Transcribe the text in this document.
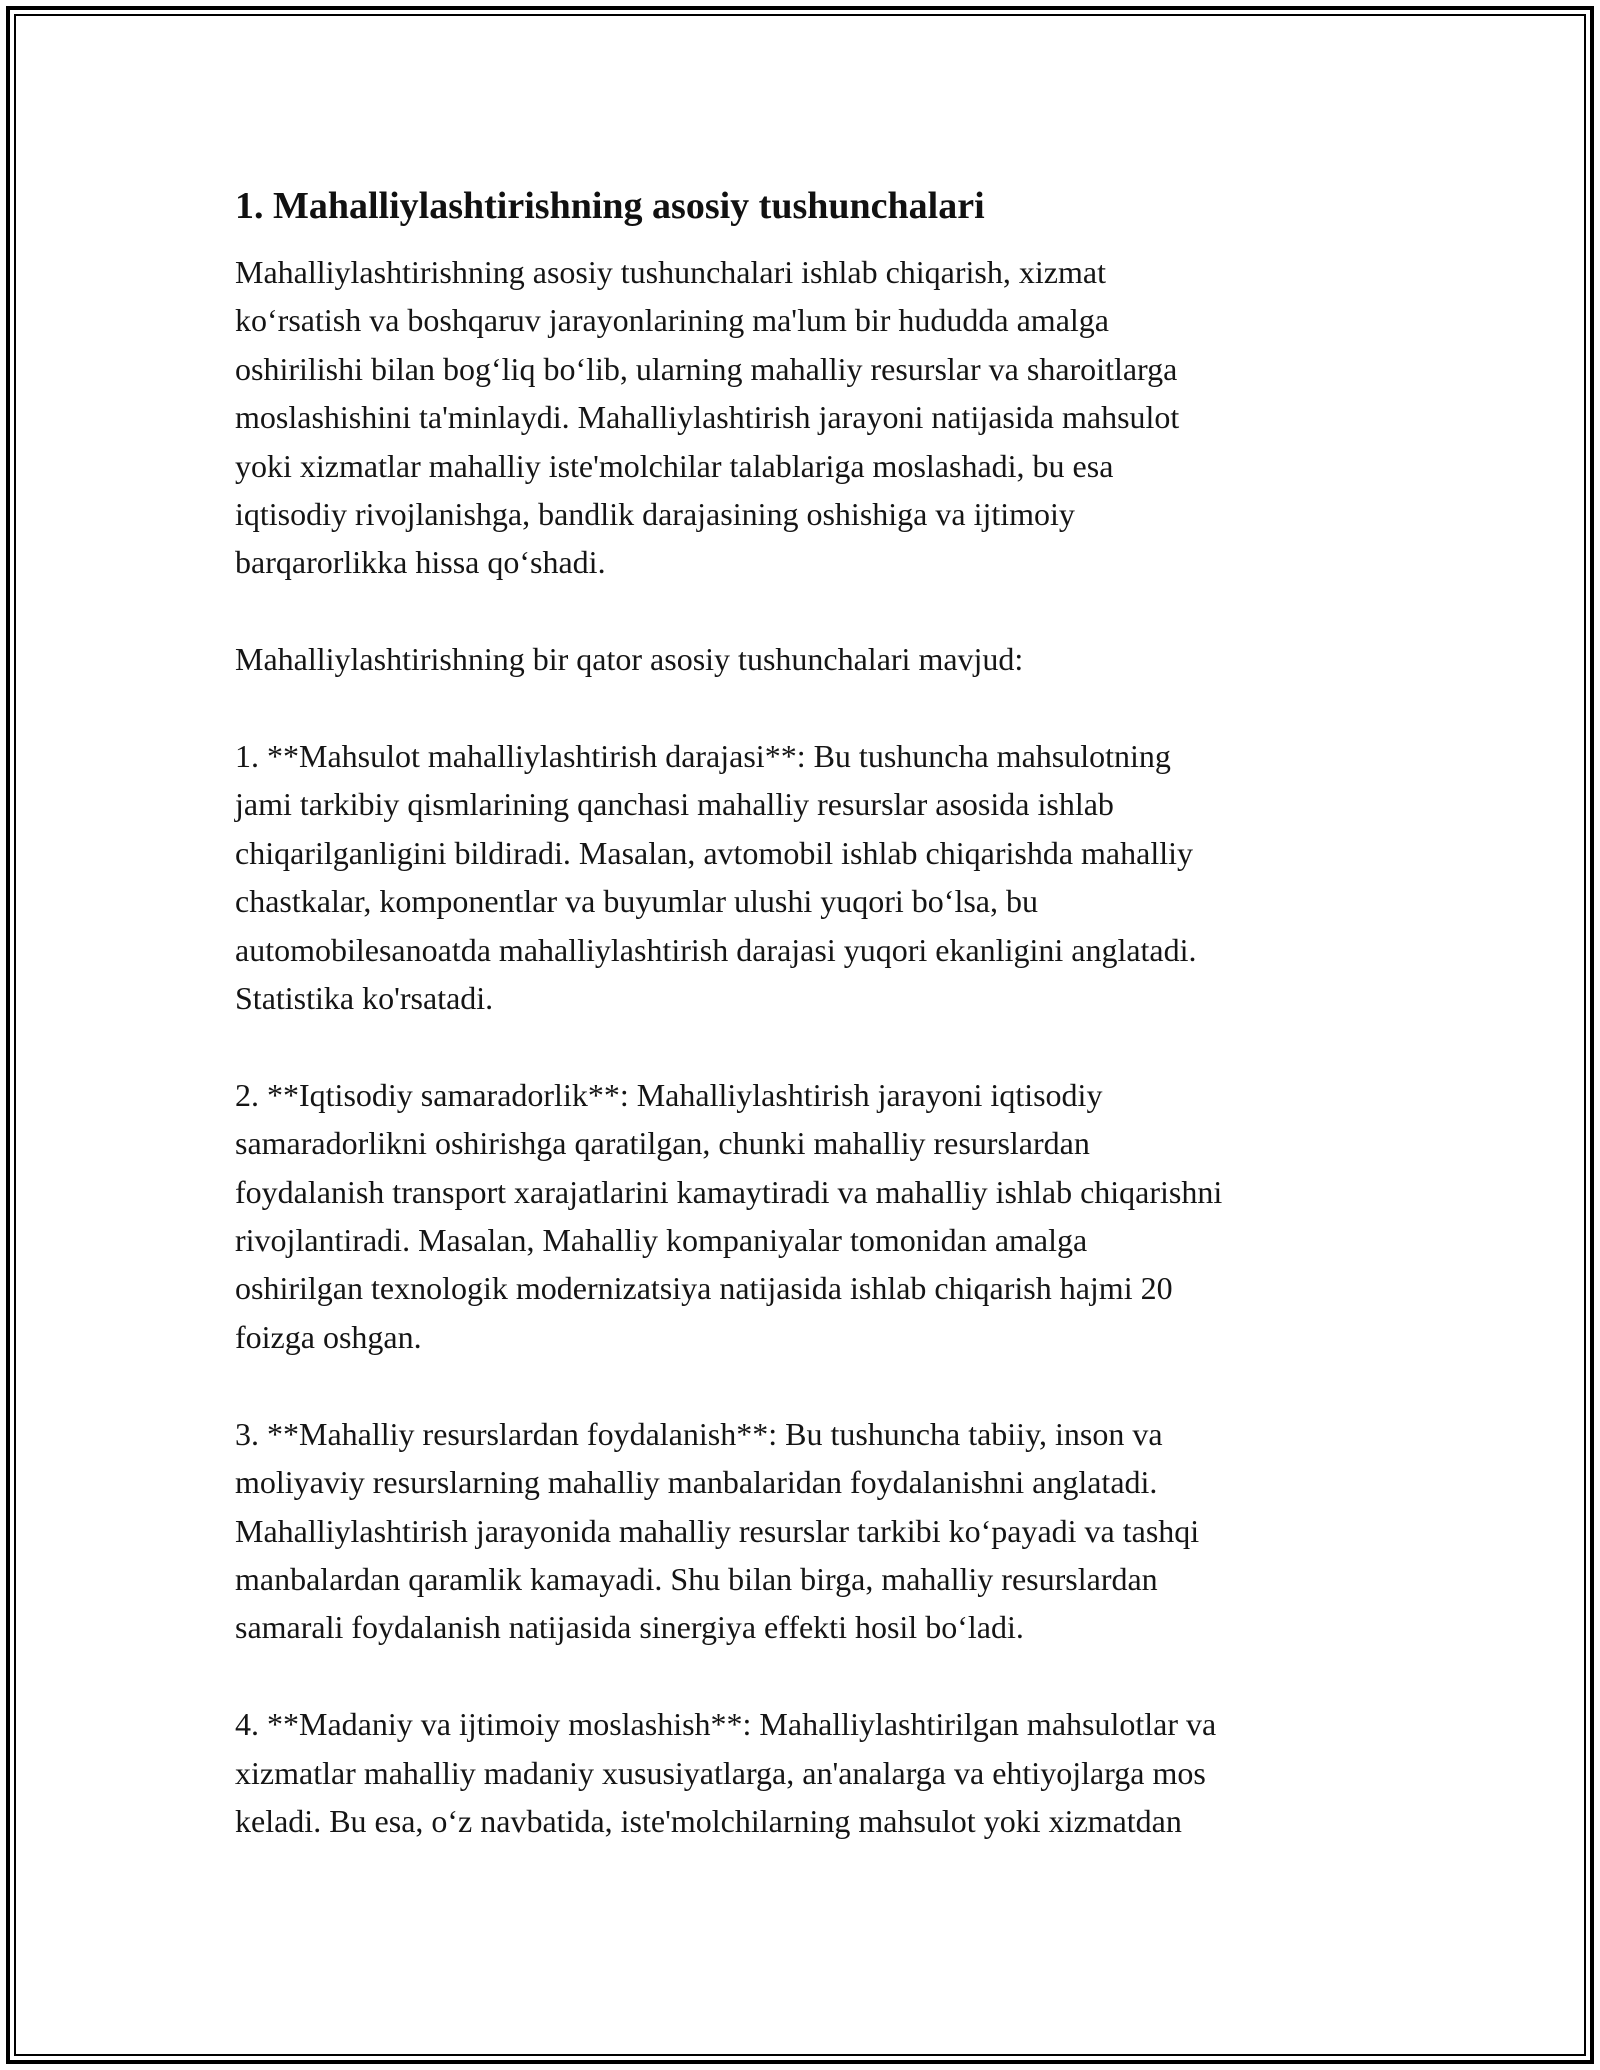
1. Mahalliylashtirishning asosiy tushunchalari
Mahalliylashtirishning asosiy tushunchalari ishlab chiqarish, xizmat
ko‘rsatish va boshqaruv jarayonlarining ma'lum bir hududda amalga
oshirilishi bilan bog‘liq bo‘lib, ularning mahalliy resurslar va sharoitlarga
moslashishini ta'minlaydi. Mahalliylashtirish jarayoni natijasida mahsulot
yoki xizmatlar mahalliy iste'molchilar talablariga moslashadi, bu esa
iqtisodiy rivojlanishga, bandlik darajasining oshishiga va ijtimoiy
barqarorlikka hissa qo‘shadi.
Mahalliylashtirishning bir qator asosiy tushunchalari mavjud:
1. **Mahsulot mahalliylashtirish darajasi**: Bu tushuncha mahsulotning
jami tarkibiy qismlarining qanchasi mahalliy resurslar asosida ishlab
chiqarilganligini bildiradi. Masalan, avtomobil ishlab chiqarishda mahalliy
chastkalar, komponentlar va buyumlar ulushi yuqori bo‘lsa, bu
automobilesanoatda mahalliylashtirish darajasi yuqori ekanligini anglatadi.
Statistika ko'rsatadi.
2. **Iqtisodiy samaradorlik**: Mahalliylashtirish jarayoni iqtisodiy
samaradorlikni oshirishga qaratilgan, chunki mahalliy resurslardan
foydalanish transport xarajatlarini kamaytiradi va mahalliy ishlab chiqarishni
rivojlantiradi. Masalan, Mahalliy kompaniyalar tomonidan amalga
oshirilgan texnologik modernizatsiya natijasida ishlab chiqarish hajmi 20
foizga oshgan.
3. **Mahalliy resurslardan foydalanish**: Bu tushuncha tabiiy, inson va
moliyaviy resurslarning mahalliy manbalaridan foydalanishni anglatadi.
Mahalliylashtirish jarayonida mahalliy resurslar tarkibi ko‘payadi va tashqi
manbalardan qaramlik kamayadi. Shu bilan birga, mahalliy resurslardan
samarali foydalanish natijasida sinergiya effekti hosil bo‘ladi.
4. **Madaniy va ijtimoiy moslashish**: Mahalliylashtirilgan mahsulotlar va
xizmatlar mahalliy madaniy xususiyatlarga, an'analarga va ehtiyojlarga mos
keladi. Bu esa, o‘z navbatida, iste'molchilarning mahsulot yoki xizmatdan
